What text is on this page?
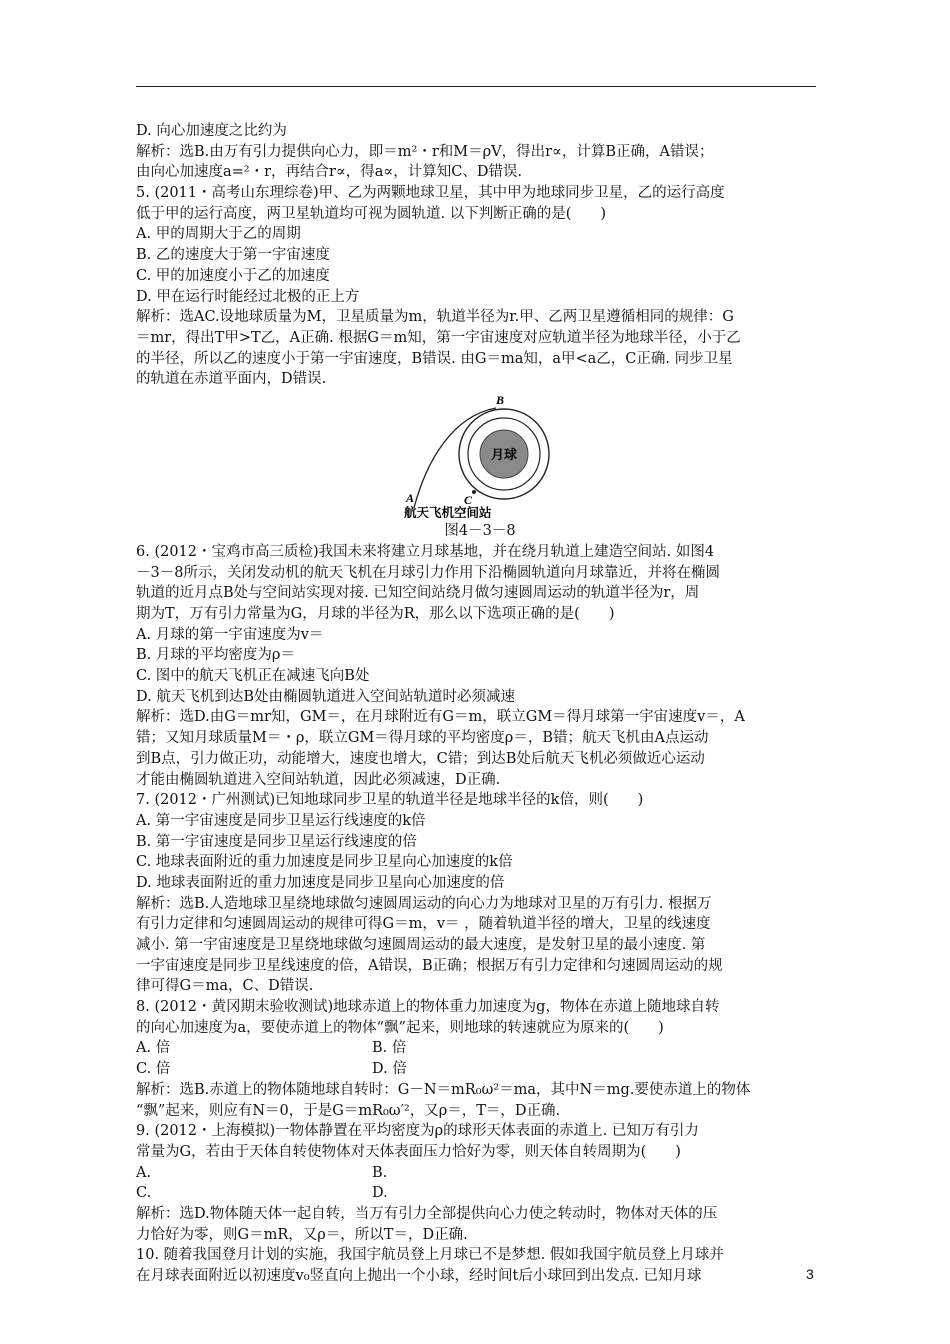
D. 向心加速度之比约为
解析：选B.由万有引力提供向心力，即＝m²・r和M＝ρV，得出r∝，计算B正确，A错误；
由向心加速度a=²・r，再结合r∝，得a∝，计算知C、D错误.
5. (2011・高考山东理综卷)甲、乙为两颗地球卫星，其中甲为地球同步卫星，乙的运行高度
低于甲的运行高度，两卫星轨道均可视为圆轨道. 以下判断正确的是(　　)
A. 甲的周期大于乙的周期
B. 乙的速度大于第一宇宙速度
C. 甲的加速度小于乙的加速度
D. 甲在运行时能经过北极的正上方
解析：选AC.设地球质量为M，卫星质量为m，轨道半径为r.甲、乙两卫星遵循相同的规律：G
＝mr，得出T甲>T乙，A正确. 根据G＝m知，第一宇宙速度对应轨道半径为地球半径，小于乙
的半径，所以乙的速度小于第一宇宙速度，B错误. 由G＝ma知，a甲<a乙，C正确. 同步卫星
的轨道在赤道平面内，D错误.
B
A	C
月球
航天飞机空间站
图4－3－8
6. (2012・宝鸡市高三质检)我国未来将建立月球基地，并在绕月轨道上建造空间站. 如图4
－3－8所示，关闭发动机的航天飞机在月球引力作用下沿椭圆轨道向月球靠近，并将在椭圆
轨道的近月点B处与空间站实现对接. 已知空间站绕月做匀速圆周运动的轨道半径为r，周
期为T，万有引力常量为G，月球的半径为R，那么以下选项正确的是(　　)
A. 月球的第一宇宙速度为v＝
B. 月球的平均密度为ρ＝
C. 图中的航天飞机正在减速飞向B处
D. 航天飞机到达B处由椭圆轨道进入空间站轨道时必须减速
解析：选D.由G＝mr知，GM＝，在月球附近有G＝m，联立GM＝得月球第一宇宙速度v＝，A
错；又知月球质量M＝・ρ，联立GM＝得月球的平均密度ρ＝，B错；航天飞机由A点运动
到B点，引力做正功，动能增大，速度也增大，C错；到达B处后航天飞机必须做近心运动
才能由椭圆轨道进入空间站轨道，因此必须减速，D正确.
7. (2012・广州测试)已知地球同步卫星的轨道半径是地球半径的k倍，则(　　)
A. 第一宇宙速度是同步卫星运行线速度的k倍
B. 第一宇宙速度是同步卫星运行线速度的倍
C. 地球表面附近的重力加速度是同步卫星向心加速度的k倍
D. 地球表面附近的重力加速度是同步卫星向心加速度的倍
解析：选B.人造地球卫星绕地球做匀速圆周运动的向心力为地球对卫星的万有引力. 根据万
有引力定律和匀速圆周运动的规律可得G＝m，v＝ ，随着轨道半径的增大，卫星的线速度
减小. 第一宇宙速度是卫星绕地球做匀速圆周运动的最大速度，是发射卫星的最小速度. 第
一宇宙速度是同步卫星线速度的倍，A错误，B正确；根据万有引力定律和匀速圆周运动的规
律可得G＝ma，C、D错误.
8. (2012・黄冈期末验收测试)地球赤道上的物体重力加速度为g，物体在赤道上随地球自转
的向心加速度为a，要使赤道上的物体“飘”起来，则地球的转速就应为原来的(　　)
A. 倍	B. 倍
C. 倍	D. 倍
解析：选B.赤道上的物体随地球自转时：G－N＝mR₀ω²＝ma，其中N＝mg.要使赤道上的物体
“飘”起来，则应有N＝0，于是G＝mR₀ω′²，又ρ＝，T＝，D正确.
9. (2012・上海模拟)一物体静置在平均密度为ρ的球形天体表面的赤道上. 已知万有引力
常量为G，若由于天体自转使物体对天体表面压力恰好为零，则天体自转周期为(　　)
A.	B.
C.	D.
解析：选D.物体随天体一起自转，当万有引力全部提供向心力使之转动时，物体对天体的压
力恰好为零，则G＝mR，又ρ＝，所以T＝，D正确.
10. 随着我国登月计划的实施，我国宇航员登上月球已不是梦想. 假如我国宇航员登上月球并
在月球表面附近以初速度v₀竖直向上抛出一个小球，经时间t后小球回到出发点. 已知月球	3
